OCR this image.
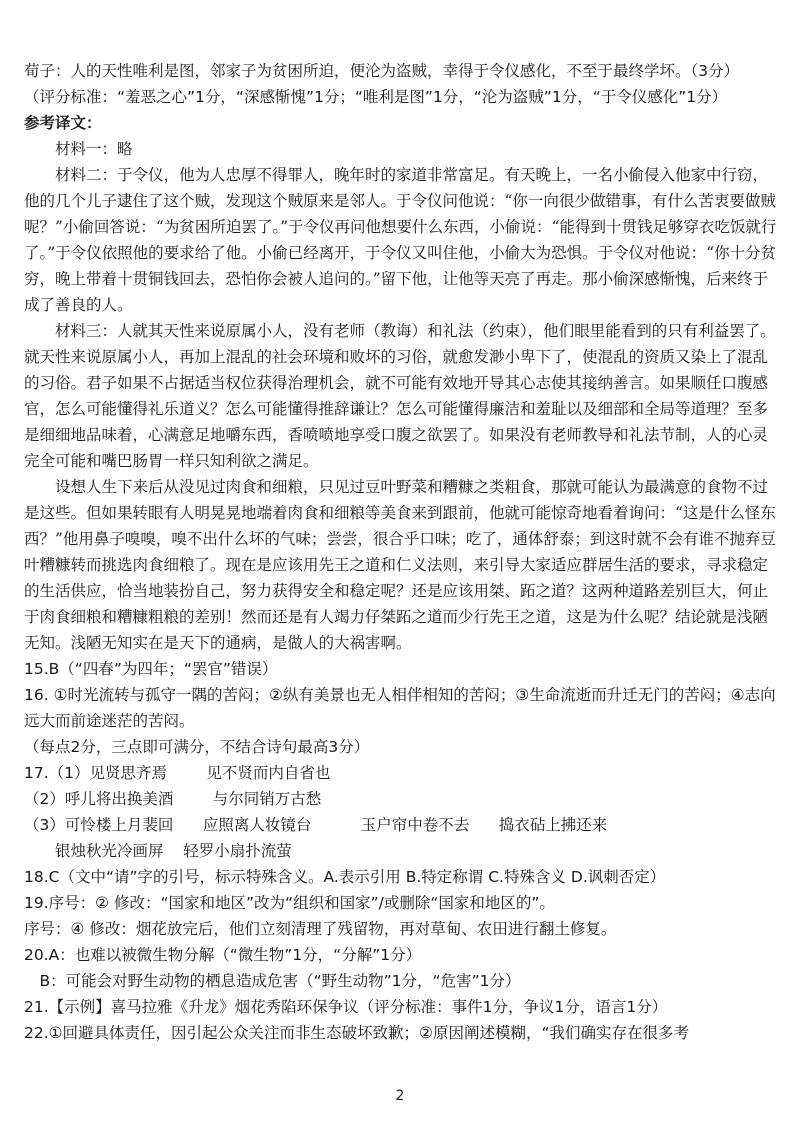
荀子：人的天性唯利是图，邻家子为贫困所迫，便沦为盗贼，幸得于令仪感化，不至于最终学坏。（3分）

（评分标准：“羞恶之心”1分，“深感惭愧”1分；“唯利是图”1分，“沦为盗贼”1分，“于令仪感化”1分）

参考译文：

材料一：略

材料二：于令仪，他为人忠厚不得罪人，晚年时的家道非常富足。有天晚上，一名小偷侵入他家中行窃，他的几个儿子逮住了这个贼，发现这个贼原来是邻人。于令仪问他说：“你一向很少做错事，有什么苦衷要做贼呢？”小偷回答说：“为贫困所迫罢了。”于令仪再问他想要什么东西，小偷说：“能得到十贯钱足够穿衣吃饭就行了。”于令仪依照他的要求给了他。小偷已经离开，于令仪又叫住他，小偷大为恐惧。于令仪对他说：“你十分贫穷，晚上带着十贯铜钱回去，恐怕你会被人追问的。”留下他，让他等天亮了再走。那小偷深感惭愧，后来终于成了善良的人。

材料三：人就其天性来说原属小人，没有老师（教诲）和礼法（约束），他们眼里能看到的只有利益罢了。就天性来说原属小人，再加上混乱的社会环境和败坏的习俗，就愈发渺小卑下了，使混乱的资质又染上了混乱的习俗。君子如果不占据适当权位获得治理机会，就不可能有效地开导其心志使其接纳善言。如果顺任口腹感官，怎么可能懂得礼乐道义？怎么可能懂得推辞谦让？怎么可能懂得廉洁和羞耻以及细部和全局等道理？至多是细细地品味着，心满意足地嚼东西，香喷喷地享受口腹之欲罢了。如果没有老师教导和礼法节制，人的心灵完全可能和嘴巴肠胃一样只知利欲之满足。

设想人生下来后从没见过肉食和细粮，只见过豆叶野菜和糟糠之类粗食，那就可能认为最满意的食物不过是这些。但如果转眼有人明晃晃地端着肉食和细粮等美食来到跟前，他就可能惊奇地看着询问：“这是什么怪东西？”他用鼻子嗅嗅，嗅不出什么坏的气味；尝尝，很合乎口味；吃了，通体舒泰；到这时就不会有谁不抛弃豆叶糟糠转而挑选肉食细粮了。现在是应该用先王之道和仁义法则，来引导大家适应群居生活的要求，寻求稳定的生活供应，恰当地装扮自己，努力获得安全和稳定呢？还是应该用桀、跖之道？这两种道路差别巨大，何止于肉食细粮和糟糠粗粮的差别！然而还是有人竭力仔桀跖之道而少行先王之道，这是为什么呢？结论就是浅陋无知。浅陋无知实在是天下的通病，是做人的大祸害啊。

15.B（“四春”为四年；“罢官”错误）

16. ①时光流转与孤守一隅的苦闷；②纵有美景也无人相伴相知的苦闷；③生命流逝而升迁无门的苦闷；④志向远大而前途迷茫的苦闷。

（每点2分，三点即可满分，不结合诗句最高3分）

17.（1）见贤思齐焉        见不贤而内自省也

（2）呼儿将出换美酒        与尔同销万古愁

（3）可怜楼上月裴回      应照离人妆镜台          玉户帘中卷不去      捣衣砧上拂还来

银烛秋光冷画屏    轻罗小扇扑流萤

18.C（文中“请”字的引号，标示特殊含义。A.表示引用 B.特定称谓 C.特殊含义 D.讽刺否定）

19.序号：② 修改：“国家和地区”改为“组织和国家”/或删除“国家和地区的”。

序号：④ 修改：烟花放完后，他们立刻清理了残留物，再对草甸、农田进行翻土修复。

20.A：也难以被微生物分解（“微生物”1分，“分解”1分）

B：可能会对野生动物的栖息造成危害（“野生动物”1分，“危害”1分）

21.【示例】喜马拉雅《升龙》烟花秀陷环保争议（评分标准：事件1分，争议1分，语言1分）

22.①回避具体责任，因引起公众关注而非生态破坏致歉；②原因阐述模糊，“我们确实存在很多考

2
